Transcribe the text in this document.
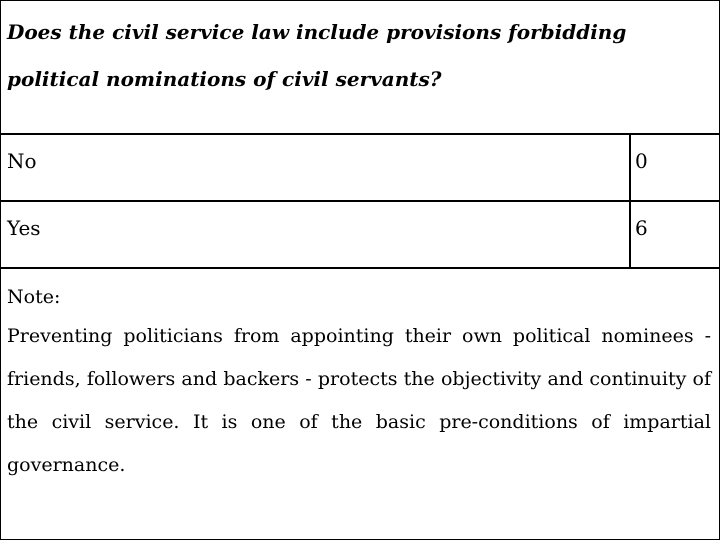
Does the civil service law include provisions forbidding political nominations of civil servants?
No	0
Yes	6
Note:
Preventing politicians from appointing their own political nominees - friends, followers and backers - protects the objectivity and continuity of the civil service. It is one of the basic pre-conditions of impartial governance.
